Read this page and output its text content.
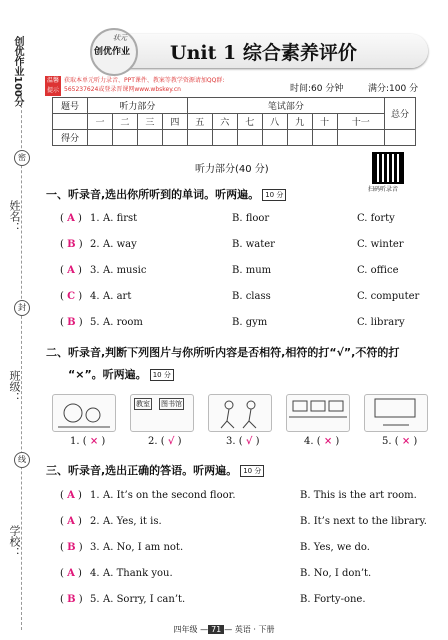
创优作业100分
密
封
线
姓名：
班级：
学校：
状元
创优作业 Unit 1 综合素养评价
温馨提示
获取本单元听力录音、PPT课件、教案等教学资源请加QQ群:
565237624或登录晋课网www.wbskey.cn	时间:60 分钟	满分:100 分
题号	听力部分				笔试部分							总分
	一	二	三	四	五	六	七	八	九	十	十一	
得分												
听力部分(40 分)
扫码听录音
一、听录音,选出你所听到的单词。听两遍。 10 分
( A ) 1. A. first	B. floor	C. forty
( B ) 2. A. way	B. water	C. winter
( A ) 3. A. music	B. mum	C. office
( C ) 4. A. art	B. class	C. computer
( B ) 5. A. room	B. gym	C. library
二、听录音,判断下列图片与你所听内容是否相符,相符的打“√”,不符的打
“×”。听两遍。 10 分
教室 图书馆
1. ( × )	2. ( √ )	3. ( √ )	4. ( × )	5. ( × )
三、听录音,选出正确的答语。听两遍。 10 分
( A ) 1. A. It’s on the second floor.	B. This is the art room.
( A ) 2. A. Yes, it is.	B. It’s next to the library.
( B ) 3. A. No, I am not.	B. Yes, we do.
( A ) 4. A. Thank you.	B. No, I don’t.
( B ) 5. A. Sorry, I can’t.	B. Forty-one.
四年级 — 71 — 英语 · 下册
